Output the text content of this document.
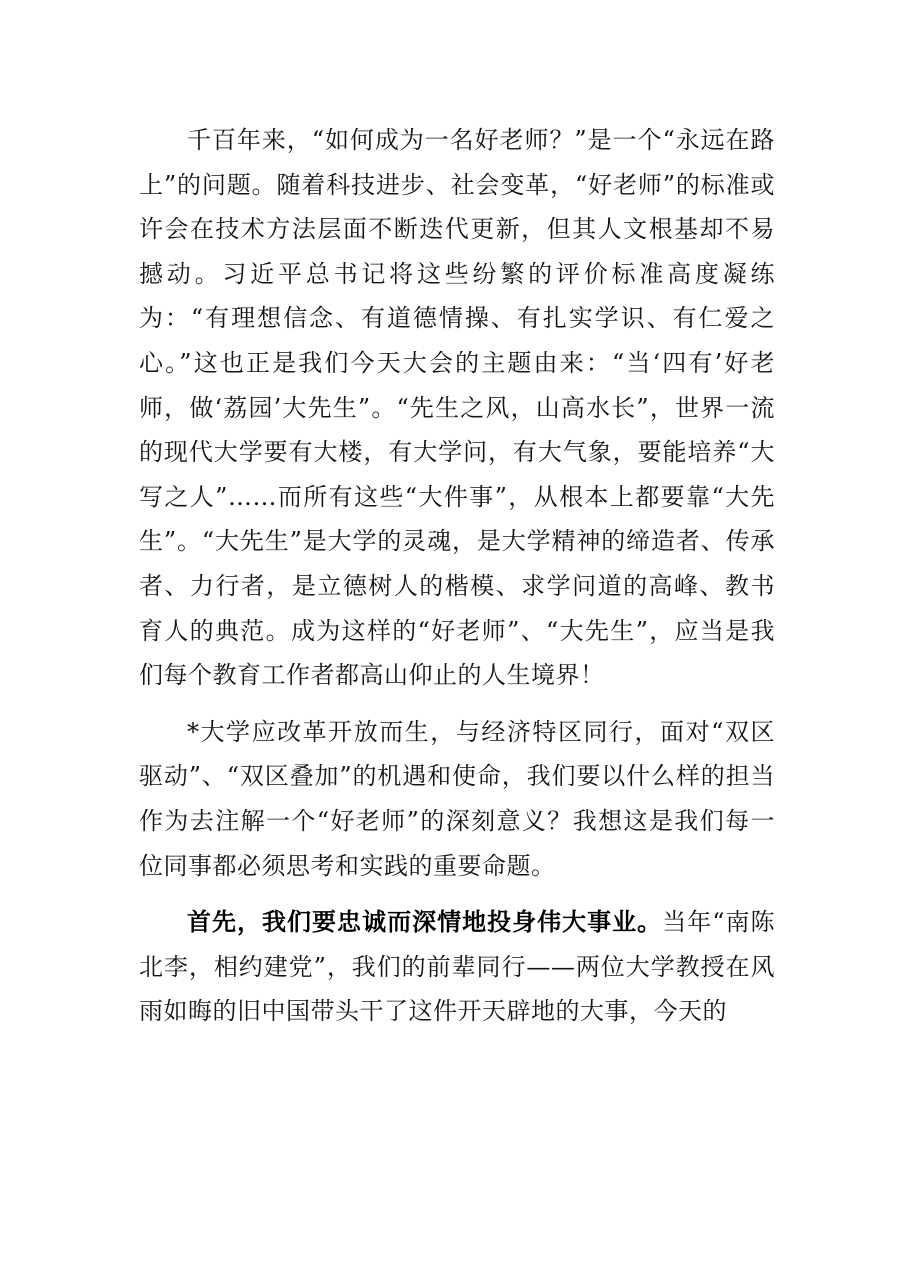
千百年来，“如何成为一名好老师？”是一个“永远在路上”的问题。随着科技进步、社会变革，“好老师”的标准或许会在技术方法层面不断迭代更新，但其人文根基却不易撼动。习近平总书记将这些纷繁的评价标准高度凝练为：“有理想信念、有道德情操、有扎实学识、有仁爱之心。”这也正是我们今天大会的主题由来：“当‘四有’好老师，做‘荔园’大先生”。“先生之风，山高水长”，世界一流的现代大学要有大楼，有大学问，有大气象，要能培养“大写之人”……而所有这些“大件事”，从根本上都要靠“大先生”。“大先生”是大学的灵魂，是大学精神的缔造者、传承者、力行者，是立德树人的楷模、求学问道的高峰、教书育人的典范。成为这样的“好老师”、“大先生”，应当是我们每个教育工作者都高山仰止的人生境界！

*大学应改革开放而生，与经济特区同行，面对“双区驱动”、“双区叠加”的机遇和使命，我们要以什么样的担当作为去注解一个“好老师”的深刻意义？我想这是我们每一位同事都必须思考和实践的重要命题。

首先，我们要忠诚而深情地投身伟大事业。当年“南陈北李，相约建党”，我们的前辈同行——两位大学教授在风雨如晦的旧中国带头干了这件开天辟地的大事，今天的
